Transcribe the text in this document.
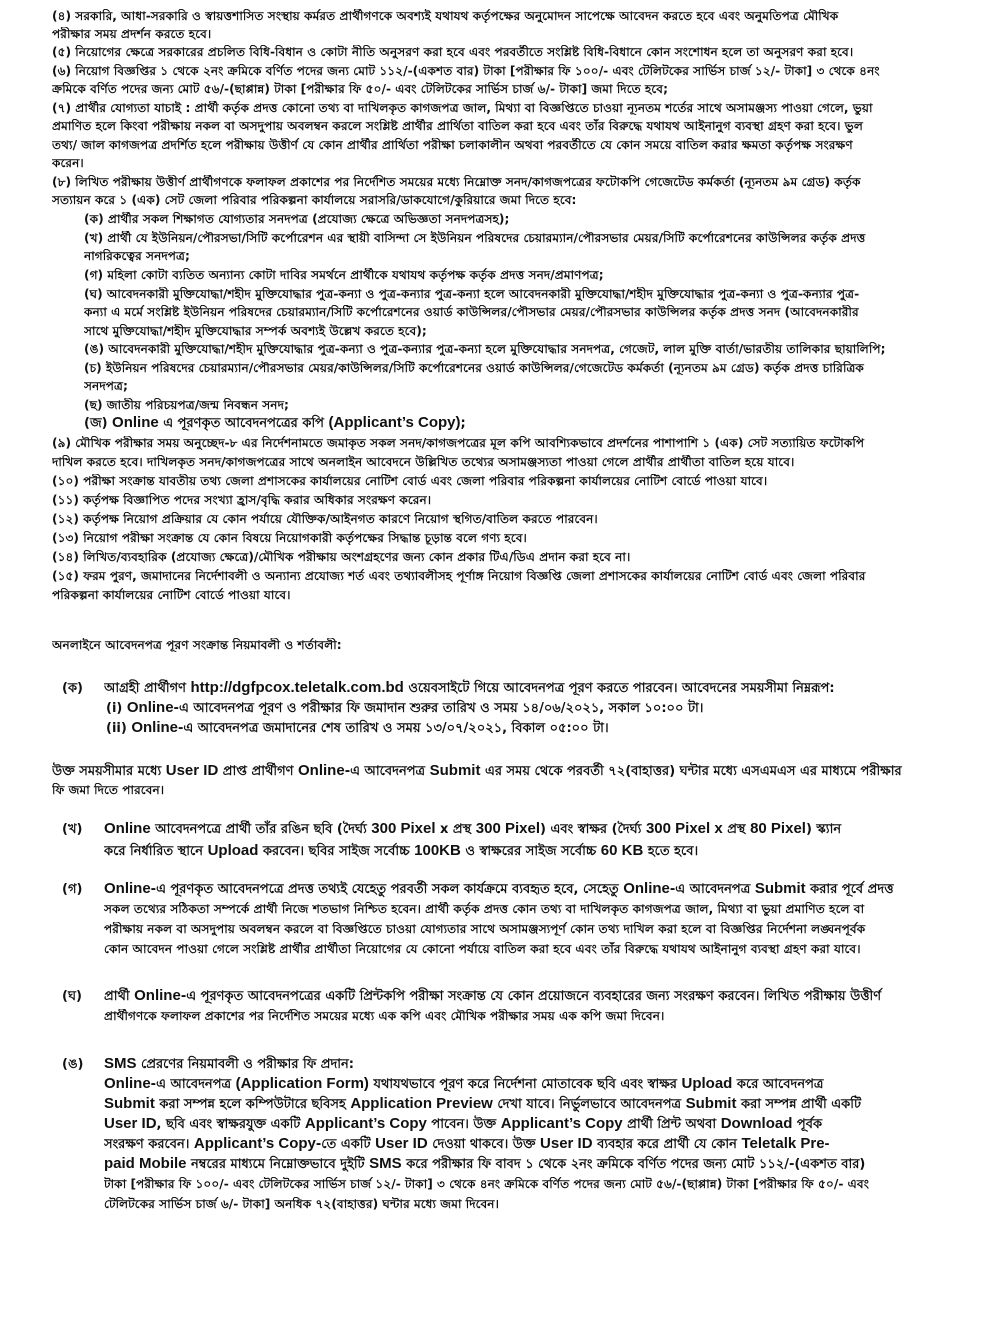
(৪) সরকারি, আধা-সরকারি ও স্বায়ত্তশাসিত সংস্থায় কর্মরত প্রার্থীগণকে অবশ্যই যথাযথ কর্তৃপক্ষের অনুমোদন সাপেক্ষে আবেদন করতে হবে এবং অনুমতিপত্র মৌখিক
পরীক্ষার সময় প্রদর্শন করতে হবে।
(৫) নিয়োগের ক্ষেত্রে সরকারের প্রচলিত বিধি-বিধান ও কোটা নীতি অনুসরণ করা হবে এবং পরবর্তীতে সংশ্লিষ্ট বিধি-বিধানে কোন সংশোধন হলে তা অনুসরণ করা হবে।
(৬) নিয়োগ বিজ্ঞপ্তির ১ থেকে ২নং ক্রমিকে বর্ণিত পদের জন্য মোট ১১২/-(একশত বার) টাকা [পরীক্ষার ফি ১০০/- এবং টেলিটকের সার্ভিস চার্জ ১২/- টাকা] ৩ থেকে ৪নং
ক্রমিকে বর্ণিত পদের জন্য মোট ৫৬/-(ছাপ্পান্ন) টাকা [পরীক্ষার ফি ৫০/- এবং টেলিটকের সার্ভিস চার্জ ৬/- টাকা] জমা দিতে হবে;
(৭) প্রার্থীর যোগ্যতা যাচাই : প্রার্থী কর্তৃক প্রদত্ত কোনো তথ্য বা দাখিলকৃত কাগজপত্র জাল, মিথ্যা বা বিজ্ঞপ্তিতে চাওয়া ন্যূনতম শর্তের সাথে অসামঞ্জস্য পাওয়া গেলে, ভুয়া
প্রমাণিত হলে কিংবা পরীক্ষায় নকল বা অসদুপায় অবলম্বন করলে সংশ্লিষ্ট প্রার্থীর প্রার্থিতা বাতিল করা হবে এবং তাঁর বিরুদ্ধে যথাযথ আইনানুগ ব্যবস্থা গ্রহণ করা হবে। ভুল
তথ্য/ জাল কাগজপত্র প্রদর্শিত হলে পরীক্ষায় উত্তীর্ণ যে কোন প্রার্থীর প্রার্থিতা পরীক্ষা চলাকালীন অথবা পরবর্তীতে যে কোন সময়ে বাতিল করার ক্ষমতা কর্তৃপক্ষ সংরক্ষণ
করেন।
(৮) লিখিত পরীক্ষায় উত্তীর্ণ প্রার্থীগণকে ফলাফল প্রকাশের পর নির্দেশিত সময়ের মধ্যে নিম্নোক্ত সনদ/কাগজপত্রের ফটোকপি গেজেটেড কর্মকর্তা (ন্যূনতম ৯ম গ্রেড) কর্তৃক
সত্যায়ন করে ১ (এক) সেট জেলা পরিবার পরিকল্পনা কার্যালয়ে সরাসরি/ডাকযোগে/কুরিয়ারে জমা দিতে হবে:
(ক) প্রার্থীর সকল শিক্ষাগত যোগ্যতার সনদপত্র (প্রযোজ্য ক্ষেত্রে অভিজ্ঞতা সনদপত্রসহ);
(খ) প্রার্থী যে ইউনিয়ন/পৌরসভা/সিটি কর্পোরেশন এর স্থায়ী বাসিন্দা সে ইউনিয়ন পরিষদের চেয়ারম্যান/পৌরসভার মেয়র/সিটি কর্পোরেশনের কাউন্সিলর কর্তৃক প্রদত্ত
নাগরিকত্বের সনদপত্র;
(গ) মহিলা কোটা ব্যতিত অন্যান্য কোটা দাবির সমর্থনে প্রার্থীকে যথাযথ কর্তৃপক্ষ কর্তৃক প্রদত্ত সনদ/প্রমাণপত্র;
(ঘ) আবেদনকারী মুক্তিযোদ্ধা/শহীদ মুক্তিযোদ্ধার পুত্র-কন্যা ও পুত্র-কন্যার পুত্র-কন্যা হলে আবেদনকারী মুক্তিযোদ্ধা/শহীদ মুক্তিযোদ্ধার পুত্র-কন্যা ও পুত্র-কন্যার পুত্র-
কন্যা এ মর্মে সংশ্লিষ্ট ইউনিয়ন পরিষদের চেয়ারম্যান/সিটি কর্পোরেশনের ওয়ার্ড কাউন্সিলর/পৌসভার মেয়র/পৌরসভার কাউন্সিলর কর্তৃক প্রদত্ত সনদ (আবেদনকারীর
সাথে মুক্তিযোদ্ধা/শহীদ মুক্তিযোদ্ধার সম্পর্ক অবশ্যই উল্লেখ করতে হবে);
(ঙ) আবেদনকারী মুক্তিযোদ্ধা/শহীদ মুক্তিযোদ্ধার পুত্র-কন্যা ও পুত্র-কন্যার পুত্র-কন্যা হলে মুক্তিযোদ্ধার সনদপত্র, গেজেট, লাল মুক্তি বার্তা/ভারতীয় তালিকার ছায়ালিপি;
(চ) ইউনিয়ন পরিষদের চেয়ারম্যান/পৌরসভার মেয়র/কাউন্সিলর/সিটি কর্পোরেশনের ওয়ার্ড কাউন্সিলর/গেজেটেড কর্মকর্তা (ন্যূনতম ৯ম গ্রেড) কর্তৃক প্রদত্ত চারিত্রিক
সনদপত্র;
(ছ) জাতীয় পরিচয়পত্র/জন্ম নিবন্ধন সনদ;
(জ) Online এ পূরণকৃত আবেদনপত্রের কপি (Applicant’s Copy);
(৯) মৌখিক পরীক্ষার সময় অনুচ্ছেদ-৮ এর নির্দেশনামতে জমাকৃত সকল সনদ/কাগজপত্রের মূল কপি আবশ্যিকভাবে প্রদর্শনের পাশাপাশি ১ (এক) সেট সত্যায়িত ফটোকপি
দাখিল করতে হবে। দাখিলকৃত সনদ/কাগজপত্রের সাথে অনলাইন আবেদনে উল্লিখিত তথ্যের অসামঞ্জস্যতা পাওয়া গেলে প্রার্থীর প্রার্থীতা বাতিল হয়ে যাবে।
(১০) পরীক্ষা সংক্রান্ত যাবতীয় তথ্য জেলা প্রশাসকের কার্যালয়ের নোটিশ বোর্ড এবং জেলা পরিবার পরিকল্পনা কার্যালয়ের নোটিশ বোর্ডে পাওয়া যাবে।
(১১) কর্তৃপক্ষ বিজ্ঞাপিত পদের সংখ্যা হ্রাস/বৃদ্ধি করার অধিকার সংরক্ষণ করেন।
(১২) কর্তৃপক্ষ নিয়োগ প্রক্রিয়ার যে কোন পর্যায়ে যৌক্তিক/আইনগত কারণে নিয়োগ স্থগিত/বাতিল করতে পারবেন।
(১৩) নিয়োগ পরীক্ষা সংক্রান্ত যে কোন বিষয়ে নিয়োগকারী কর্তৃপক্ষের সিদ্ধান্ত চূড়ান্ত বলে গণ্য হবে।
(১৪) লিখিত/ব্যবহারিক (প্রযোজ্য ক্ষেত্রে)/মৌখিক পরীক্ষায় অংশগ্রহণের জন্য কোন প্রকার টিএ/ডিএ প্রদান করা হবে না।
(১৫) ফরম পুরণ, জমাদানের নির্দেশাবলী ও অন্যান্য প্রযোজ্য শর্ত এবং তথ্যাবলীসহ পূর্ণাঙ্গ নিয়োগ বিজ্ঞপ্তি জেলা প্রশাসকের কার্যালয়ের নোটিশ বোর্ড এবং জেলা পরিবার
পরিকল্পনা কার্যালয়ের নোটিশ বোর্ডে পাওয়া যাবে।
অনলাইনে আবেদনপত্র পূরণ সংক্রান্ত নিয়মাবলী ও শর্তাবলী:
(ক) আগ্রহী প্রার্থীগণ http://dgfpcox.teletalk.com.bd ওয়েবসাইটে গিয়ে আবেদনপত্র পূরণ করতে পারবেন। আবেদনের সময়সীমা নিম্নরূপ:
(i) Online-এ আবেদনপত্র পূরণ ও পরীক্ষার ফি জমাদান শুরুর তারিখ ও সময় ১৪/০৬/২০২১, সকাল ১০:০০ টা।
(ii) Online-এ আবেদনপত্র জমাদানের শেষ তারিখ ও সময় ১৩/০৭/২০২১, বিকাল ০৫:০০ টা।
উক্ত সময়সীমার মধ্যে User ID প্রাপ্ত প্রার্থীগণ Online-এ আবেদনপত্র Submit এর সময় থেকে পরবর্তী ৭২(বাহাত্তর) ঘন্টার মধ্যে এসএমএস এর মাধ্যমে পরীক্ষার
ফি জমা দিতে পারবেন।
(খ) Online আবেদনপত্রে প্রার্থী তাঁর রঙিন ছবি (দৈর্ঘ্য 300 Pixel x প্রস্থ 300 Pixel) এবং স্বাক্ষর (দৈর্ঘ্য 300 Pixel x প্রস্থ 80 Pixel) স্ক্যান
করে নির্ধারিত স্থানে Upload করবেন। ছবির সাইজ সর্বোচ্চ 100KB ও স্বাক্ষরের সাইজ সর্বোচ্চ 60 KB হতে হবে।
(গ) Online-এ পূরণকৃত আবেদনপত্রে প্রদত্ত তথ্যই যেহেতু পরবর্তী সকল কার্যক্রমে ব্যবহৃত হবে, সেহেতু Online-এ আবেদনপত্র Submit করার পূর্বে প্রদত্ত
সকল তথ্যের সঠিকতা সম্পর্কে প্রার্থী নিজে শতভাগ নিশ্চিত হবেন। প্রার্থী কর্তৃক প্রদত্ত কোন তথ্য বা দাখিলকৃত কাগজপত্র জাল, মিথ্যা বা ভুয়া প্রমাণিত হলে বা
পরীক্ষায় নকল বা অসদুপায় অবলম্বন করলে বা বিজ্ঞপ্তিতে চাওয়া যোগ্যতার সাথে অসামঞ্জস্যপূর্ণ কোন তথ্য দাখিল করা হলে বা বিজ্ঞপ্তির নির্দেশনা লঙ্ঘনপূর্বক
কোন আবেদন পাওয়া গেলে সংশ্লিষ্ট প্রার্থীর প্রার্থীতা নিয়োগের যে কোনো পর্যায়ে বাতিল করা হবে এবং তাঁর বিরুদ্ধে যথাযথ আইনানুগ ব্যবস্থা গ্রহণ করা যাবে।
(ঘ) প্রার্থী Online-এ পূরণকৃত আবেদনপত্রের একটি প্রিন্টকপি পরীক্ষা সংক্রান্ত যে কোন প্রয়োজনে ব্যবহারের জন্য সংরক্ষণ করবেন। লিখিত পরীক্ষায় উত্তীর্ণ
প্রার্থীগণকে ফলাফল প্রকাশের পর নির্দেশিত সময়ের মধ্যে এক কপি এবং মৌখিক পরীক্ষার সময় এক কপি জমা দিবেন।
(ঙ) SMS প্রেরণের নিয়মাবলী ও পরীক্ষার ফি প্রদান:
Online-এ আবেদনপত্র (Application Form) যথাযথভাবে পূরণ করে নির্দেশনা মোতাবেক ছবি এবং স্বাক্ষর Upload করে আবেদনপত্র
Submit করা সম্পন্ন হলে কম্পিউটারে ছবিসহ Application Preview দেখা যাবে। নির্ভুলভাবে আবেদনপত্র Submit করা সম্পন্ন প্রার্থী একটি
User ID, ছবি এবং স্বাক্ষরযুক্ত একটি Applicant’s Copy পাবেন। উক্ত Applicant’s Copy প্রার্থী প্রিন্ট অথবা Download পূর্বক
সংরক্ষণ করবেন। Applicant’s Copy-তে একটি User ID দেওয়া থাকবে। উক্ত User ID ব্যবহার করে প্রার্থী যে কোন Teletalk Pre-
paid Mobile নম্বরের মাধ্যমে নিম্নোক্তভাবে দুইটি SMS করে পরীক্ষার ফি বাবদ ১ থেকে ২নং ক্রমিকে বর্ণিত পদের জন্য মোট ১১২/-(একশত বার)
টাকা [পরীক্ষার ফি ১০০/- এবং টেলিটকের সার্ভিস চার্জ ১২/- টাকা] ৩ থেকে ৪নং ক্রমিকে বর্ণিত পদের জন্য মোট ৫৬/-(ছাপ্পান্ন) টাকা [পরীক্ষার ফি ৫০/- এবং
টেলিটকের সার্ভিস চার্জ ৬/- টাকা] অনধিক ৭২(বাহাত্তর) ঘন্টার মধ্যে জমা দিবেন।
